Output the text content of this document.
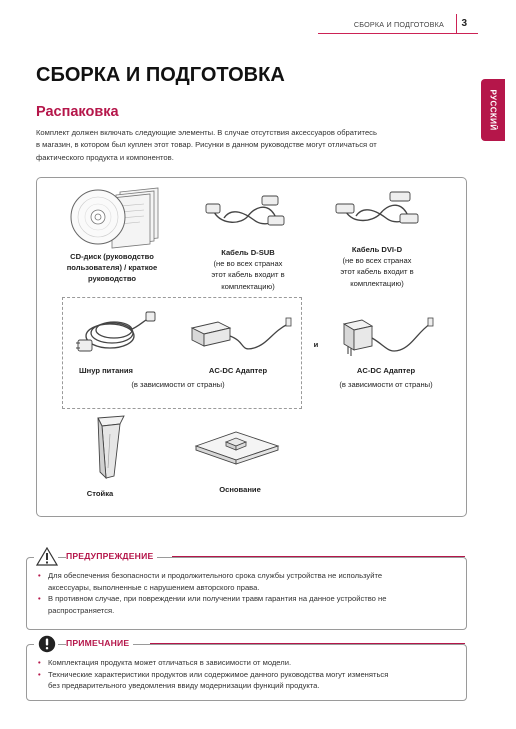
СБОРКА И ПОДГОТОВКА 3
РУССКИЙ
СБОРКА И ПОДГОТОВКА
Распаковка
Комплект должен включать следующие элементы. В случае отсутствия аксессуаров обратитесь
в магазин, в котором был куплен этот товар. Рисунки в данном руководстве могут отличаться от
фактического продукта и компонентов.
CD-диск (руководство
пользователя) / краткое
руководство
Кабель D-SUB
(не во всех странах
этот кабель входит в
комплектацию)
Кабель DVI-D
(не во всех странах
этот кабель входит в
комплектацию)
Шнур питания	AC-DC Адаптер
(в зависимости от страны)
и
AC-DC Адаптер
(в зависимости от страны)
Стойка	Основание
ПРЕДУПРЕЖДЕНИЕ
• Для обеспечения безопасности и продолжительного срока службы устройства не используйте
аксессуары, выполненные с нарушением авторского права.
• В противном случае, при повреждении или получении травм гарантия на данное устройство не
распространяется.
ПРИМЕЧАНИЕ
• Комплектация продукта может отличаться в зависимости от модели.
• Технические характеристики продуктов или содержимое данного руководства могут изменяться
без предварительного уведомления ввиду модернизации функций продукта.
